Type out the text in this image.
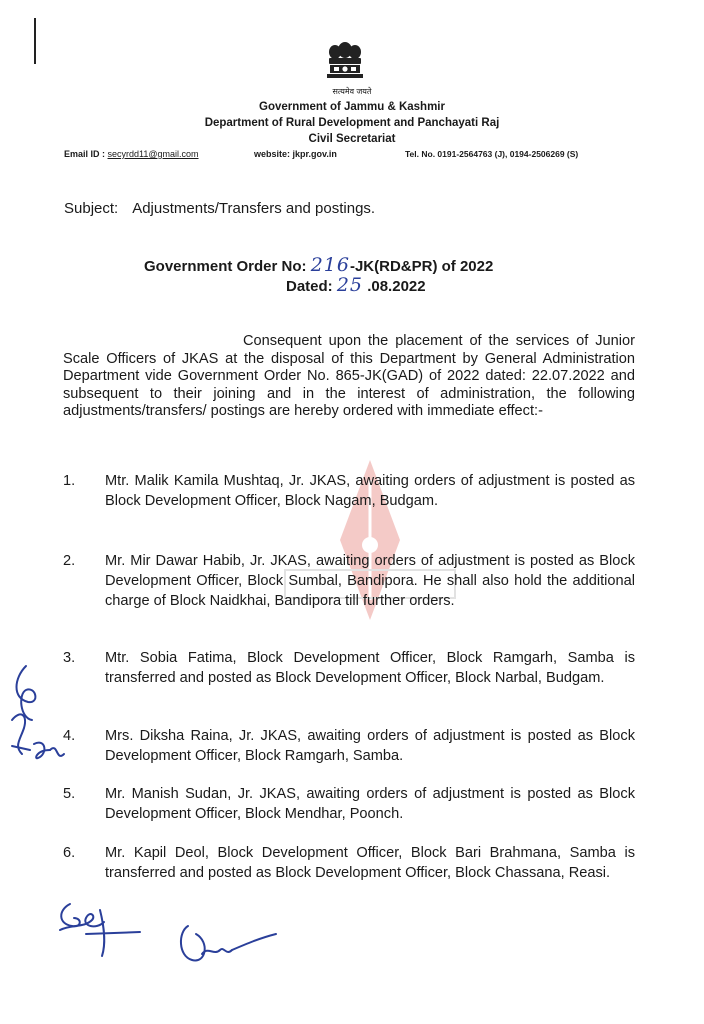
सत्यमेव जयते
Government of Jammu & Kashmir
Department of Rural Development and Panchayati Raj
Civil Secretariat
Email ID : secyrdd11@gmail.com	website: jkpr.gov.in	Tel. No. 0191-2564763 (J), 0194-2506269 (S)
Subject: Adjustments/Transfers and postings.
Government Order No: 216-JK(RD&PR) of 2022
Dated: 25 .08.2022
Consequent upon the placement of the services of Junior Scale Officers of JKAS at the disposal of this Department by General Administration Department vide Government Order No. 865-JK(GAD) of 2022 dated: 22.07.2022 and subsequent to their joining and in the interest of administration, the following adjustments/transfers/ postings are hereby ordered with immediate effect:-
1.	Mtr. Malik Kamila Mushtaq, Jr. JKAS, awaiting orders of adjustment is posted as Block Development Officer, Block Nagam, Budgam.
2.	Mr. Mir Dawar Habib, Jr. JKAS, awaiting orders of adjustment is posted as Block Development Officer, Block Sumbal, Bandipora. He shall also hold the additional charge of Block Naidkhai, Bandipora till further orders.
3.	Mtr. Sobia Fatima, Block Development Officer, Block Ramgarh, Samba is transferred and posted as Block Development Officer, Block Narbal, Budgam.
4.	Mrs. Diksha Raina, Jr. JKAS, awaiting orders of adjustment is posted as Block Development Officer, Block Ramgarh, Samba.
5.	Mr. Manish Sudan, Jr. JKAS, awaiting orders of adjustment is posted as Block Development Officer, Block Mendhar, Poonch.
6.	Mr. Kapil Deol, Block Development Officer, Block Bari Brahmana, Samba is transferred and posted as Block Development Officer, Block Chassana, Reasi.
